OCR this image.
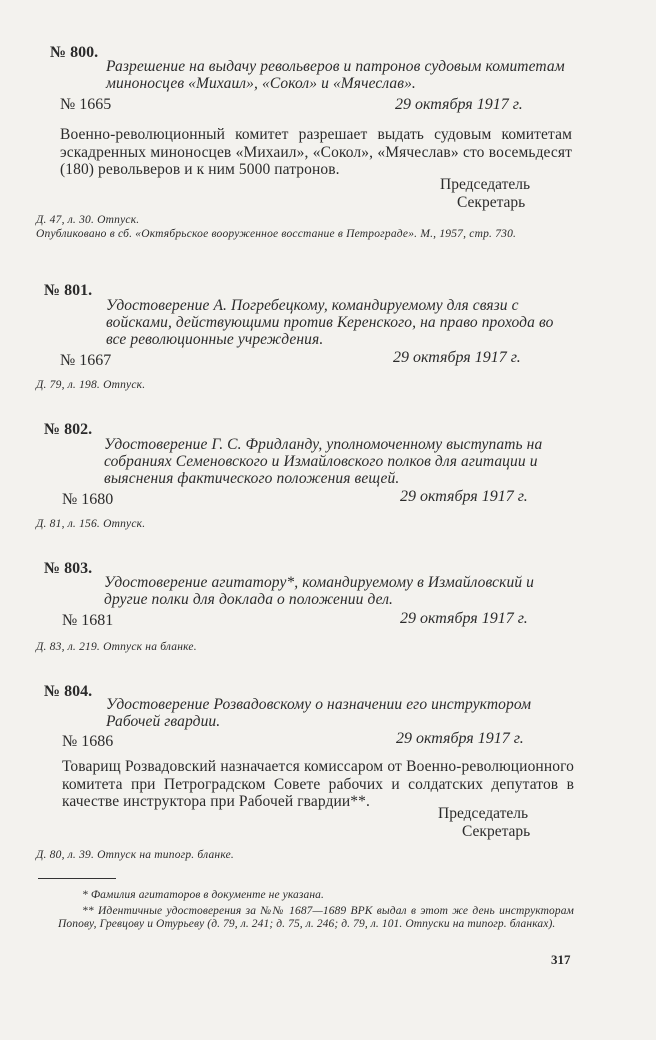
№ 800.
Разрешение на выдачу револьверов и патронов судовым комитетам миноносцев «Михаил», «Сокол» и «Мячеслав».
№ 1665	29 октября 1917 г.
Военно-революционный комитет разрешает выдать судовым комитетам эскадренных миноносцев «Михаил», «Сокол», «Мячеслав» сто восемьдесят (180) револьверов и к ним 5000 патронов.
Председатель
Секретарь
Д. 47, л. 30. Отпуск.
Опубликовано в сб. «Октябрьское вооруженное восстание в Петрограде». М., 1957, стр. 730.
№ 801.
Удостоверение А. Погребецкому, командируемому для связи с войсками, действующими против Керенского, на право прохода во все революционные учреждения.
№ 1667	29 октября 1917 г.
Д. 79, л. 198. Отпуск.
№ 802.
Удостоверение Г. С. Фридланду, уполномоченному выступать на собраниях Семеновского и Измайловского полков для агитации и выяснения фактического положения вещей.
№ 1680	29 октября 1917 г.
Д. 81, л. 156. Отпуск.
№ 803.
Удостоверение агитатору*, командируемому в Измайловский и другие полки для доклада о положении дел.
№ 1681	29 октября 1917 г.
Д. 83, л. 219. Отпуск на бланке.
№ 804.
Удостоверение Розвадовскому о назначении его инструктором Рабочей гвардии.
№ 1686	29 октября 1917 г.
Товарищ Розвадовский назначается комиссаром от Военно-революционного комитета при Петроградском Совете рабочих и солдатских депутатов в качестве инструктора при Рабочей гвардии**.
Председатель
Секретарь
Д. 80, л. 39. Отпуск на типогр. бланке.
* Фамилия агитаторов в документе не указана.
** Идентичные удостоверения за №№ 1687—1689 ВРК выдал в этот же день инструкторам Попову, Гревцову и Отурьеву (д. 79, л. 241; д. 75, л. 246; д. 79, л. 101. Отпуски на типогр. бланках).
317
